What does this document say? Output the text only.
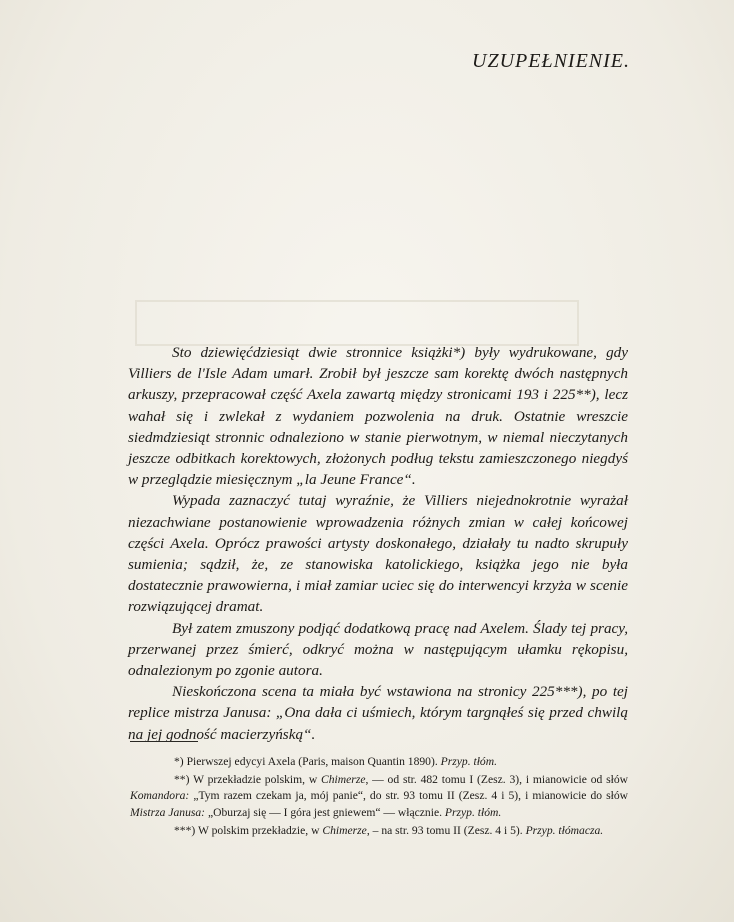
UZUPEŁNIENIE.

Sto dziewięćdziesiąt dwie stronnice książki*) były wydrukowane, gdy Villiers de l'Isle Adam umarł. Zrobił był jeszcze sam korektę dwóch następnych arkuszy, przepracował część Axela zawartą między stronicami 193 i 225**), lecz wahał się i zwlekał z wydaniem pozwolenia na druk. Ostatnie wreszcie siedmdziesiąt stronnic odnaleziono w stanie pierwotnym, w niemal nieczytanych jeszcze odbitkach korektowych, złożonych podług tekstu zamieszczonego niegdyś w przeglądzie miesięcznym „la Jeune France“.

Wypada zaznaczyć tutaj wyraźnie, że Villiers niejednokrotnie wyrażał niezachwiane postanowienie wprowadzenia różnych zmian w całej końcowej części Axela. Oprócz prawości artysty doskonałego, działały tu nadto skrupuły sumienia; sądził, że, ze stanowiska katolickiego, książka jego nie była dostatecznie prawowierna, i miał zamiar uciec się do interwencyi krzyża w scenie rozwiązującej dramat.

Był zatem zmuszony podjąć dodatkową pracę nad Axelem. Ślady tej pracy, przerwanej przez śmierć, odkryć można w następującym ułamku rękopisu, odnalezionym po zgonie autora.

Nieskończona scena ta miała być wstawiona na stronicy 225***), po tej replice mistrza Janusa: „Ona dała ci uśmiech, którym targnąłeś się przed chwilą na jej godność macierzyńską“.

*) Pierwszej edycyi Axela (Paris, maison Quantin 1890). Przyp. tłóm.

**) W przekładzie polskim, w Chimerze, — od str. 482 tomu I (Zesz. 3), i mianowicie od słów Komandora: „Tym razem czekam ja, mój panie“, do str. 93 tomu II (Zesz. 4 i 5), i mianowicie do słów Mistrza Janusa: „Oburzaj się — I góra jest gniewem“ — włącznie. Przyp. tłóm.

***) W polskim przekładzie, w Chimerze, – na str. 93 tomu II (Zesz. 4 i 5). Przyp. tłómacza.
